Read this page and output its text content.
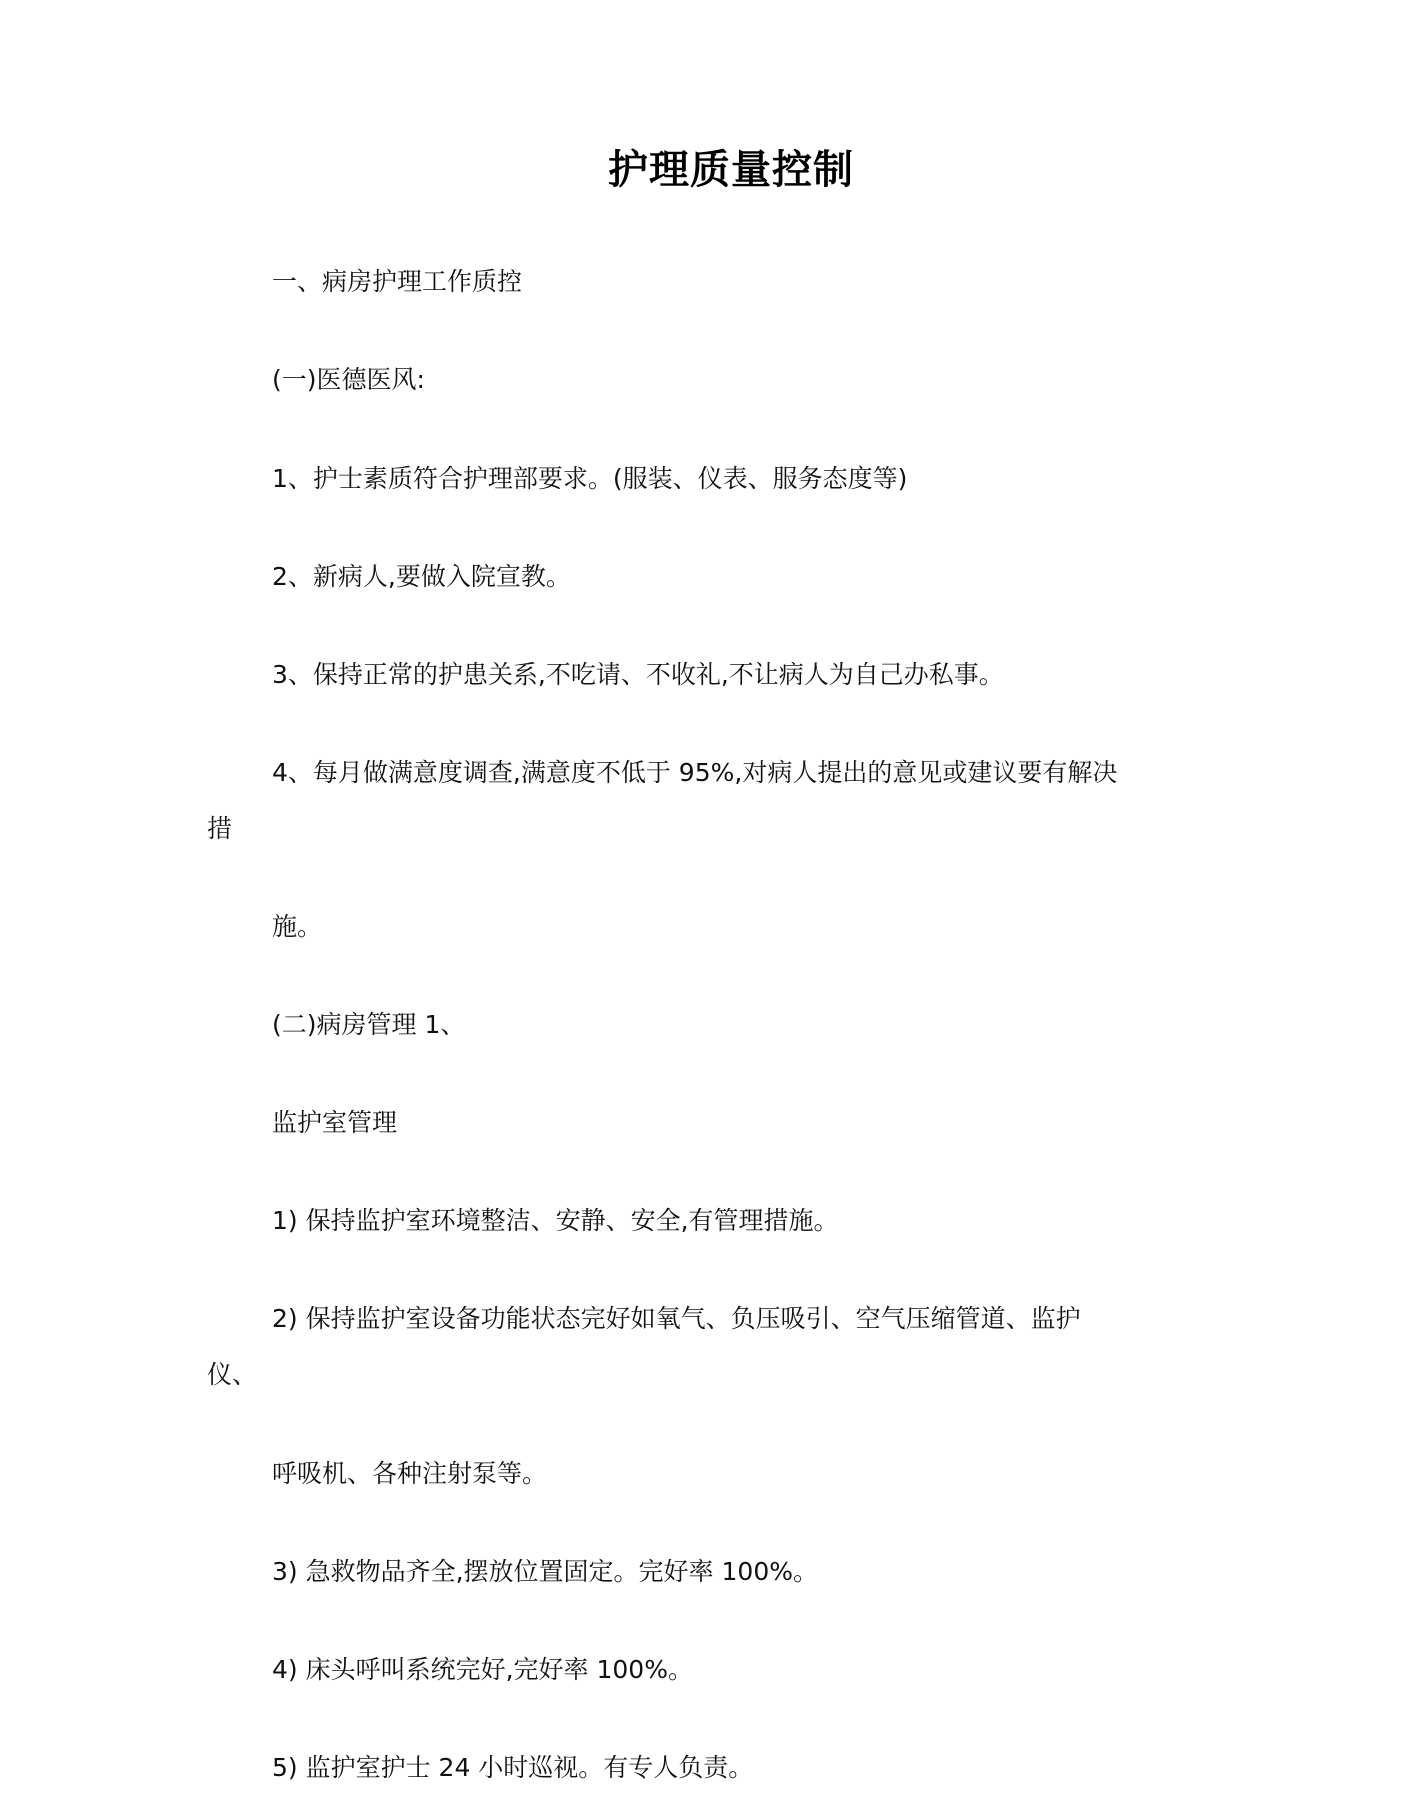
护理质量控制
一、病房护理工作质控
(一)医德医风:
1、护士素质符合护理部要求。(服装、仪表、服务态度等)
2、新病人,要做入院宣教。
3、保持正常的护患关系,不吃请、不收礼,不让病人为自己办私事。
4、每月做满意度调查,满意度不低于 95%,对病人提出的意见或建议要有解决
措
施。
(二)病房管理 1、
监护室管理
1) 保持监护室环境整洁、安静、安全,有管理措施。
2) 保持监护室设备功能状态完好如氧气、负压吸引、空气压缩管道、监护
仪、
呼吸机、各种注射泵等。
3) 急救物品齐全,摆放位置固定。完好率 100%。
4) 床头呼叫系统完好,完好率 100%。
5) 监护室护士 24 小时巡视。有专人负责。
